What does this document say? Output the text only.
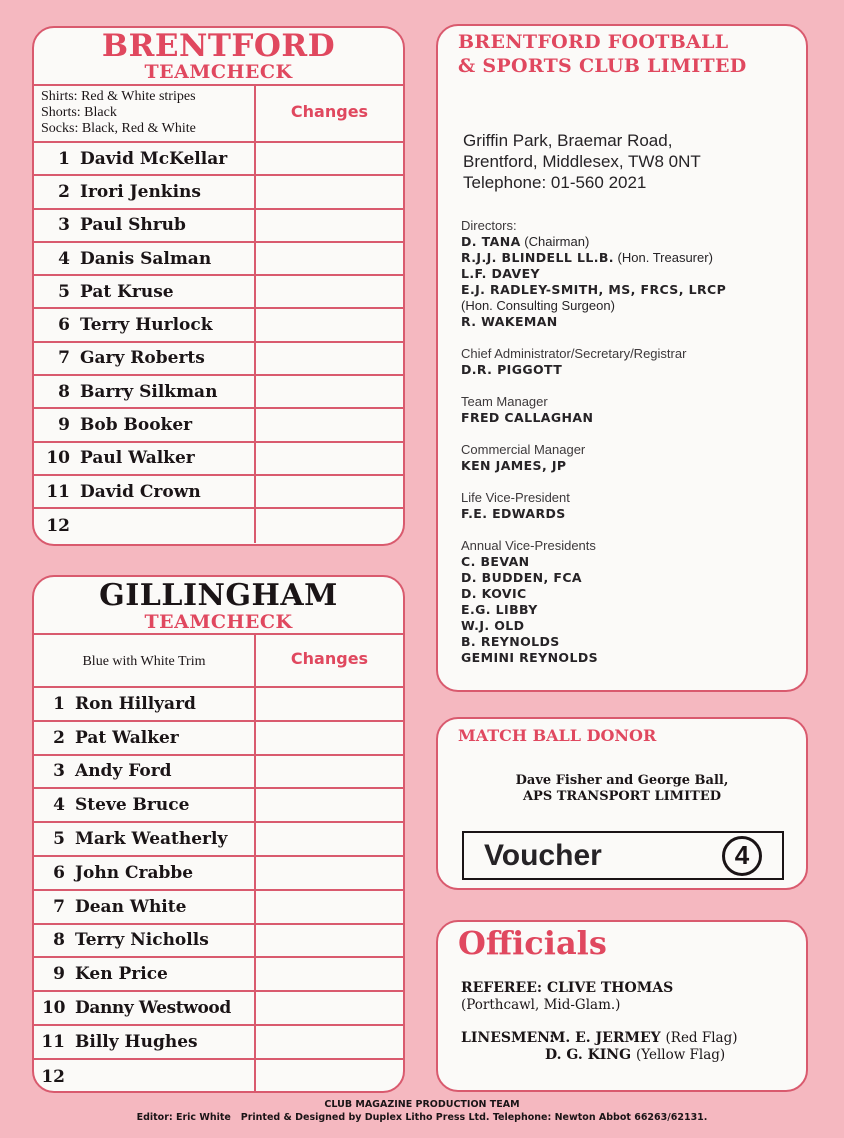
BRENTFORD
TEAMCHECK
Shirts: Red & White stripes
Shorts: Black
Socks: Black, Red & White
Changes
1 David McKellar
2 Irori Jenkins
3 Paul Shrub
4 Danis Salman
5 Pat Kruse
6 Terry Hurlock
7 Gary Roberts
8 Barry Silkman
9 Bob Booker
10 Paul Walker
11 David Crown
12
GILLINGHAM
TEAMCHECK
Blue with White Trim	Changes
1 Ron Hillyard
2 Pat Walker
3 Andy Ford
4 Steve Bruce
5 Mark Weatherly
6 John Crabbe
7 Dean White
8 Terry Nicholls
9 Ken Price
10 Danny Westwood
11 Billy Hughes
12
BRENTFORD FOOTBALL
& SPORTS CLUB LIMITED
Griffin Park, Braemar Road,
Brentford, Middlesex, TW8 0NT
Telephone: 01-560 2021
Directors:
D. TANA (Chairman)
R.J.J. BLINDELL LL.B. (Hon. Treasurer)
L.F. DAVEY
E.J. RADLEY-SMITH, MS, FRCS, LRCP
(Hon. Consulting Surgeon)
R. WAKEMAN
Chief Administrator/Secretary/Registrar
D.R. PIGGOTT
Team Manager
FRED CALLAGHAN
Commercial Manager
KEN JAMES, JP
Life Vice-President
F.E. EDWARDS
Annual Vice-Presidents
C. BEVAN
D. BUDDEN, FCA
D. KOVIC
E.G. LIBBY
W.J. OLD
B. REYNOLDS
GEMINI REYNOLDS
MATCH BALL DONOR
Dave Fisher and George Ball,
APS TRANSPORT LIMITED
Voucher	4
Officials
REFEREE: CLIVE THOMAS
(Porthcawl, Mid-Glam.)
LINESMEN: M. E. JERMEY (Red Flag)
D. G. KING (Yellow Flag)
CLUB MAGAZINE PRODUCTION TEAM
Editor: Eric White   Printed & Designed by Duplex Litho Press Ltd. Telephone: Newton Abbot 66263/62131.
